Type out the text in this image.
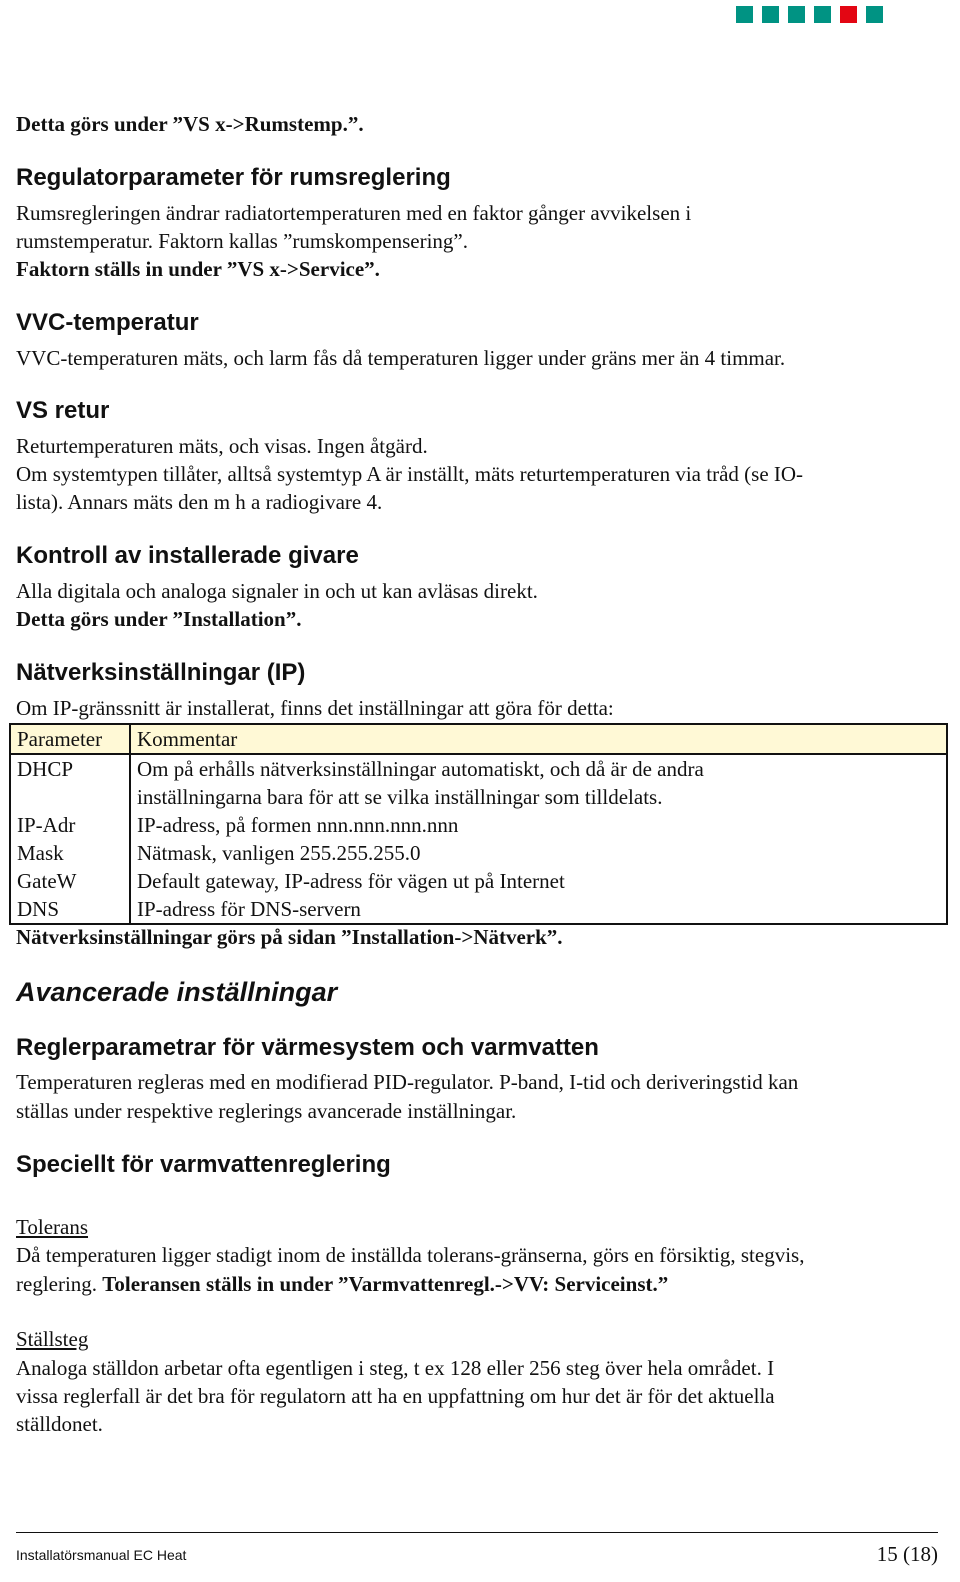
Detta görs under ”VS x->Rumstemp.”.

Regulatorparameter för rumsreglering

Rumsregleringen ändrar radiatortemperaturen med en faktor gånger avvikelsen i

rumstemperatur. Faktorn kallas ”rumskompensering”.

Faktorn ställs in under ”VS x->Service”.

VVC-temperatur

VVC-temperaturen mäts, och larm fås då temperaturen ligger under gräns mer än 4 timmar.

VS retur

Returtemperaturen mäts, och visas. Ingen åtgärd.

Om systemtypen tillåter, alltså systemtyp A är inställt, mäts returtemperaturen via tråd (se IO-

lista). Annars mäts den m h a radiogivare 4.

Kontroll av installerade givare

Alla digitala och analoga signaler in och ut kan avläsas direkt.

Detta görs under ”Installation”.

Nätverksinställningar (IP)

Om IP-gränssnitt är installerat, finns det inställningar att göra för detta:

Parameter	Kommentar
DHCP	Om på erhålls nätverksinställningar automatiskt, och då är de andra
inställningarna bara för att se vilka inställningar som tilldelats.

IP-Adr	IP-adress, på formen nnn.nnn.nnn.nnn
Mask	Nätmask, vanligen 255.255.255.0
GateW	Default gateway, IP-adress för vägen ut på Internet
DNS	IP-adress för DNS-servern

Nätverksinställningar görs på sidan ”Installation->Nätverk”.

Avancerade inställningar
Reglerparametrar för värmesystem och varmvatten

Temperaturen regleras med en modifierad PID-regulator. P-band, I-tid och deriveringstid kan

ställas under respektive reglerings avancerade inställningar.

Speciellt för varmvattenreglering

Tolerans

Då temperaturen ligger stadigt inom de inställda tolerans-gränserna, görs en försiktig, stegvis,

reglering. Toleransen ställs in under ”Varmvattenregl.->VV: Serviceinst.”

Ställsteg

Analoga ställdon arbetar ofta egentligen i steg, t ex 128 eller 256 steg över hela området. I

vissa reglerfall är det bra för regulatorn att ha en uppfattning om hur det är för det aktuella

ställdonet.

Installatörsmanual EC Heat	15 (18)
